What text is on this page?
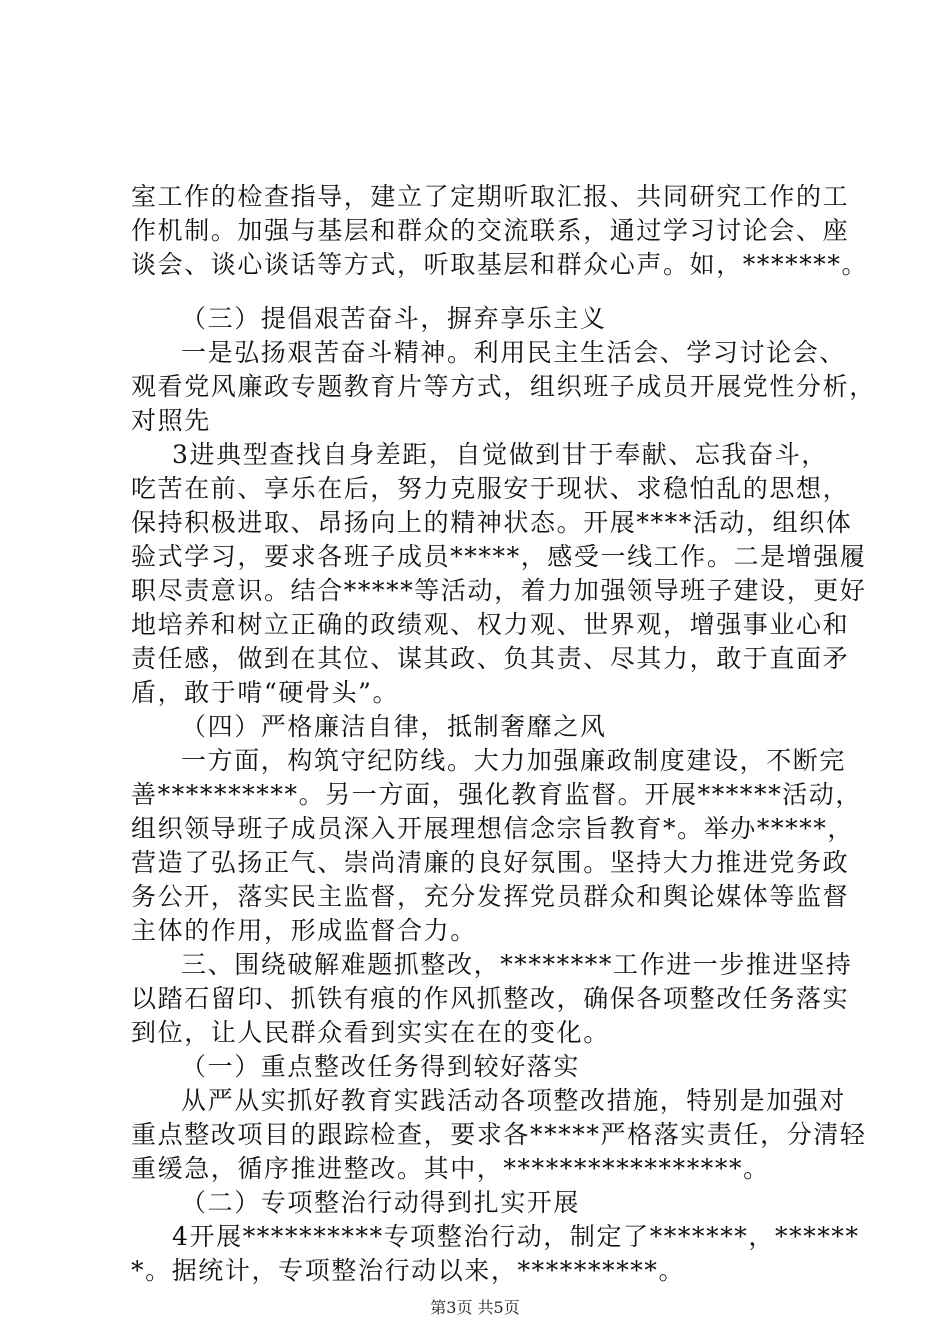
室工作的检查指导，建立了定期听取汇报、共同研究工作的工
作机制。加强与基层和群众的交流联系，通过学习讨论会、座
谈会、谈心谈话等方式，听取基层和群众心声。如，*******。
（三）提倡艰苦奋斗，摒弃享乐主义
一是弘扬艰苦奋斗精神。利用民主生活会、学习讨论会、
观看党风廉政专题教育片等方式，组织班子成员开展党性分析，
对照先
3进典型查找自身差距，自觉做到甘于奉献、忘我奋斗，
吃苦在前、享乐在后，努力克服安于现状、求稳怕乱的思想，
保持积极进取、昂扬向上的精神状态。开展****活动，组织体
验式学习，要求各班子成员*****，感受一线工作。二是增强履
职尽责意识。结合*****等活动，着力加强领导班子建设，更好
地培养和树立正确的政绩观、权力观、世界观，增强事业心和
责任感，做到在其位、谋其政、负其责、尽其力，敢于直面矛
盾，敢于啃“硬骨头”。
（四）严格廉洁自律，抵制奢靡之风
一方面，构筑守纪防线。大力加强廉政制度建设，不断完
善**********。另一方面，强化教育监督。开展******活动，
组织领导班子成员深入开展理想信念宗旨教育*。举办*****，
营造了弘扬正气、崇尚清廉的良好氛围。坚持大力推进党务政
务公开，落实民主监督，充分发挥党员群众和舆论媒体等监督
主体的作用，形成监督合力。
三、围绕破解难题抓整改，********工作进一步推进坚持
以踏石留印、抓铁有痕的作风抓整改，确保各项整改任务落实
到位，让人民群众看到实实在在的变化。
（一）重点整改任务得到较好落实
从严从实抓好教育实践活动各项整改措施，特别是加强对
重点整改项目的跟踪检查，要求各*****严格落实责任，分清轻
重缓急，循序推进整改。其中，*****************。
（二）专项整治行动得到扎实开展
4开展**********专项整治行动，制定了*******，******
*。据统计，专项整治行动以来，**********。
第3页 共5页
